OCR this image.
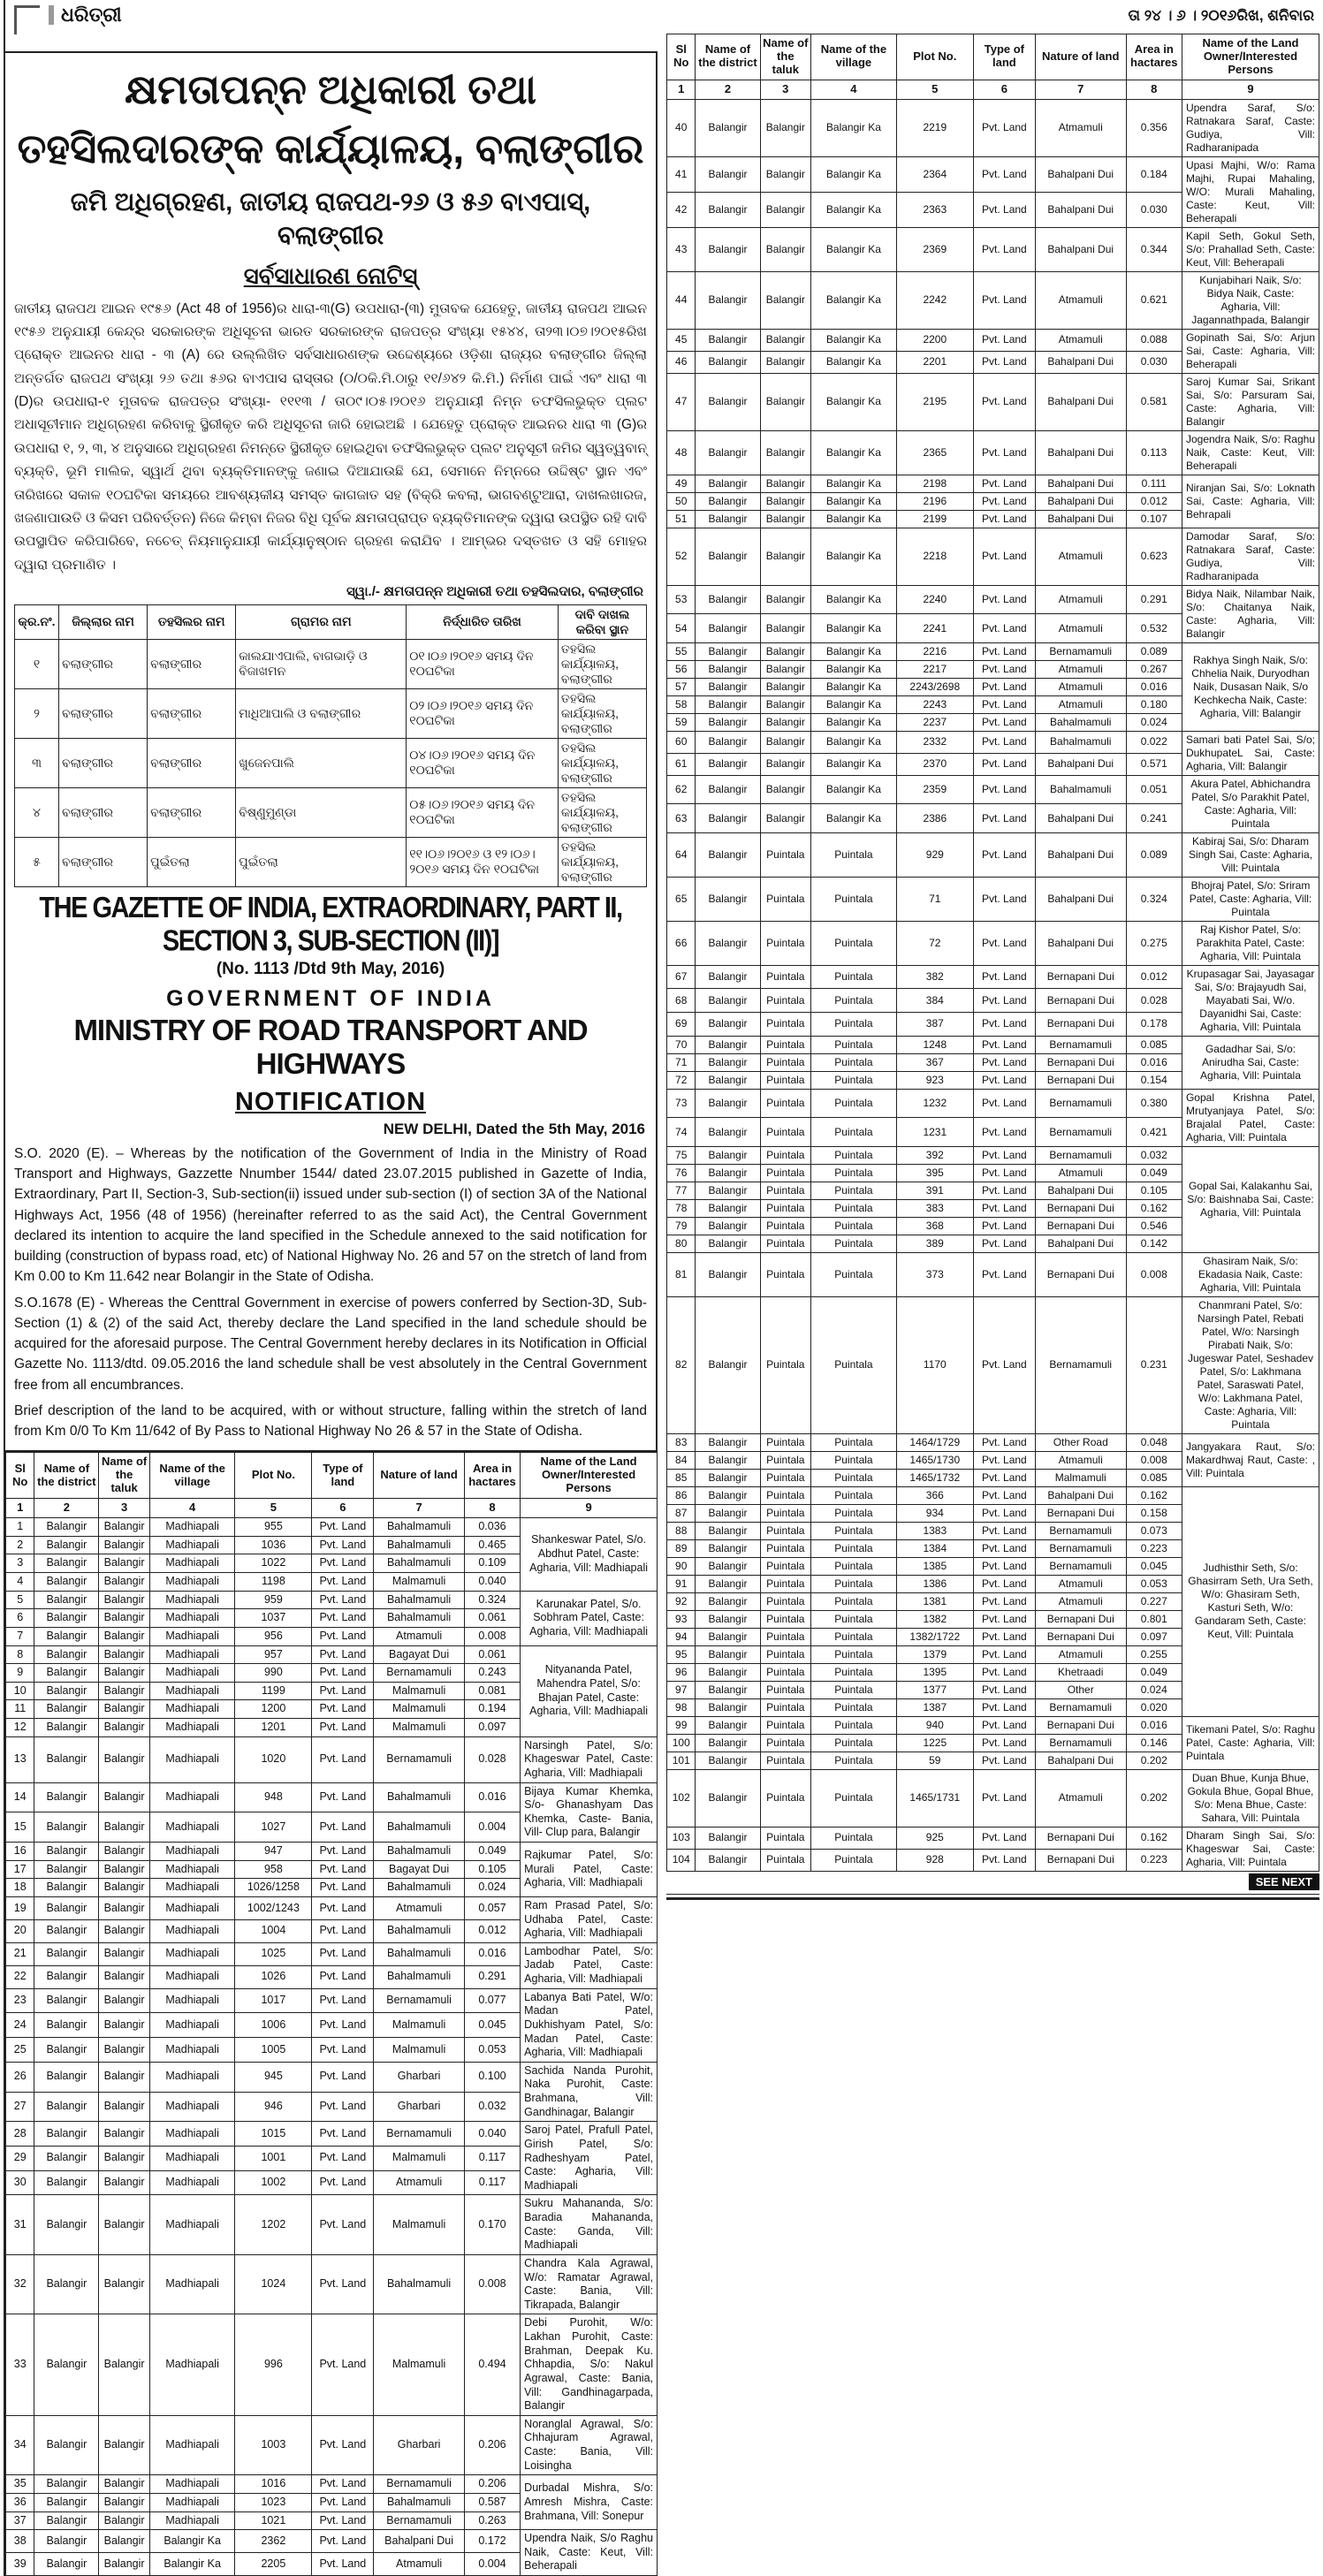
ଧରିତ୍ରୀ
କ୍ଷମତାପନ୍ନ ଅଧିକାରୀ ତଥା
ତହସିଲଦାରଙ୍କ କାର୍ଯ୍ୟାଳୟ, ବଲାଙ୍ଗୀର
ଜମି ଅଧିଗ୍ରହଣ, ଜାତୀୟ ରାଜପଥ-୨୬ ଓ ୫୬ ବାଏପାସ୍, ବଲାଙ୍ଗୀର
ସର୍ବସାଧାରଣ ନୋଟିସ୍
ଜାତୀୟ ରାଜପଥ ଆଇନ ୧୯୫୬ (Act 48 of 1956)ର ଧାରା-୩(G) ଉପଧାରା-(୩) ମୁତାବକ ଯେହେତୁ, ଜାତୀୟ ରାଜପଥ ଆଇନ ୧୯୫୬ ଅନୁଯାୟୀ କେନ୍ଦ୍ର ସରକାରଙ୍କ ଅଧିସୂଚନା ଭାରତ ସରକାରଙ୍କ ରାଜପତ୍ର ସଂଖ୍ୟା ୧୫୪୪, ତା୨୩।୦୭।୨୦୧୫ରିଖ ପ୍ରୋକ୍ତ ଆଇନର ଧାରା - ୩ (A) ରେ ଉଲ୍ଲିଖିତ ସର୍ବସାଧାରଣଙ୍କ ଉଦ୍ଦେଶ୍ୟରେ ଓଡ଼ିଶା ରାଜ୍ୟର ବଲାଙ୍ଗୀର ଜିଲ୍ଲା ଅନ୍ତର୍ଗତ ରାଜପଥ ସଂଖ୍ୟା ୨୬ ତଥା ୫୬ର ବାଏପାସ ରାସ୍ତାର (୦/୦କି.ମି.ଠାରୁ ୧୧/୬୪୨ କି.ମି.) ନିର୍ମାଣ ପାଇଁ ଏବଂ ଧାରା ୩ (D)ର ଉପଧାରା-୧ ମୁତାବକ ରାଜପତ୍ର ସଂଖ୍ୟା- ୧୧୧୩ / ତା୦୯।୦୫।୨୦୧୬ ଅନୁଯାୟୀ ନିମ୍ନ ତଫସିଲଭୁକ୍ତ ପ୍ଲଟ ଅଧାସୂଚୀମାନ ଅଧିଗ୍ରହଣ କରିବାକୁ ସ୍ଥିରୀକୃତ କରି ଅଧିସୂଚନା ଜାରି ହୋଇଅଛି । ଯେହେତୁ ପ୍ରୋକ୍ତ ଆଇନର ଧାରା ୩ (G)ର ଉପଧାରା ୧, ୨, ୩, ୪ ଅନୁସାରେ ଅଧିଗ୍ରହଣ ନିମନ୍ତେ ସ୍ଥିରୀକୃତ ହୋଇଥିବା ତଫସିଲଭୁକ୍ତ ପ୍ଲଟ ଅନୁସୂଚୀ ଜମିର ସ୍ୱତ୍ୱବାନ୍ ବ୍ୟକ୍ତି, ଭୂମି ମାଲିକ, ସ୍ୱାର୍ଥ ଥିବା ବ୍ୟକ୍ତିମାନଙ୍କୁ ଜଣାଇ ଦିଆଯାଉଛି ଯେ, ସେମାନେ ନିମ୍ନରେ ଉଦ୍ଦିଷ୍ଟ ସ୍ଥାନ ଏବଂ ତାରିଖରେ ସକାଳ ୧୦ଘଟିକା ସମୟରେ ଆବଶ୍ୟକୀୟ ସମସ୍ତ କାଗଜାତ ସହ (ବିକ୍ରି କବଲା, ଭାଗବଣ୍ଟୁଆରା, ଦାଖଲଖାରଜ, ଖଜଣାପାଉତି ଓ କିସମ ପରିବର୍ତ୍ତନ) ନିଜେ କିମ୍ବା ନିଜର ବିଧି ପୂର୍ବକ କ୍ଷମତାପ୍ରାପ୍ତ ବ୍ୟକ୍ତିମାନଙ୍କ ଦ୍ୱାରା ଉପସ୍ଥିତ ରହି ଦାବି ଉପସ୍ଥାପିତ କରିପାରିବେ, ନଚେତ୍ ନିୟମାନୁଯାୟୀ କାର୍ଯ୍ୟାନୁଷ୍ଠାନ ଗ୍ରହଣ କରାଯିବ । ଆମ୍ଭର ଦସ୍ତଖତ ଓ ସହି ମୋହର ଦ୍ୱାରା ପ୍ରମାଣିତ ।
ସ୍ୱା./- କ୍ଷମତାପନ୍ନ ଅଧିକାରୀ ତଥା ତହସିଲଦାର, ବଲାଙ୍ଗୀର
କ୍ର.ନଂ.	ଜିଲ୍ଲାର ନାମ	ତହସିଲର ନାମ	ଗ୍ରାମର ନାମ	ନିର୍ଦ୍ଧାରିତ ତାରିଖ	ଦାବି ଦାଖଲ କରିବା ସ୍ଥାନ
୧	ବଲାଙ୍ଗୀର	ବଲାଙ୍ଗୀର	କାଲଯାଏପାଲି, ବାଗଭାଡ଼ି ଓ ବିଜାଖମନ	୦୧।୦୬।୨୦୧୬ ସମୟ ଦିନ ୧୦ଘଟିକା	ତହସିଲ କାର୍ଯ୍ୟାଳୟ, ବଲାଙ୍ଗୀର
୨	ବଲାଙ୍ଗୀର	ବଲାଙ୍ଗୀର	ମାଧିଆପାଲି ଓ ବଲାଙ୍ଗୀର	୦୨।୦୬।୨୦୧୬ ସମୟ ଦିନ ୧୦ଘଟିକା	ତହସିଲ କାର୍ଯ୍ୟାଳୟ, ବଲାଙ୍ଗୀର
୩	ବଲାଙ୍ଗୀର	ବଲାଙ୍ଗୀର	ଖୁଜେନପାଲି	୦୪।୦୬।୨୦୧୬ ସମୟ ଦିନ ୧୦ଘଟିକା	ତହସିଲ କାର୍ଯ୍ୟାଳୟ, ବଲାଙ୍ଗୀର
୪	ବଲାଙ୍ଗୀର	ବଲାଙ୍ଗୀର	ବିଷ୍ଣୁମୁଣ୍ଡା	୦୫।୦୬।୨୦୧୬ ସମୟ ଦିନ ୧୦ଘଟିକା	ତହସିଲ କାର୍ଯ୍ୟାଳୟ, ବଲାଙ୍ଗୀର
୫	ବଲାଙ୍ଗୀର	ପୁଇଁତଲା	ପୁଇଁତଲା	୧୧।୦୬।୨୦୧୬ ଓ ୧୨।୦୬।୨୦୧୬ ସମୟ ଦିନ ୧୦ଘଟିକା	ତହସିଲ କାର୍ଯ୍ୟାଳୟ, ବଲାଙ୍ଗୀର
THE GAZETTE OF INDIA, EXTRAORDINARY, PART II, SECTION 3, SUB-SECTION (II)]
(No. 1113 /Dtd 9th May, 2016)
GOVERNMENT OF INDIA
MINISTRY OF ROAD TRANSPORT AND HIGHWAYS
NOTIFICATION
NEW DELHI, Dated the 5th May, 2016
S.O. 2020 (E). – Whereas by the notification of the Government of India in the Ministry of Road Transport and Highways, Gazzette Nnumber 1544/ dated 23.07.2015 published in Gazette of India, Extraordinary, Part II, Section-3, Sub-section(ii) issued under sub-section (I) of section 3A of the National Highways Act, 1956 (48 of 1956) (hereinafter referred to as the said Act), the Central Government declared its intention to acquire the land specified in the Schedule annexed to the said notification for building (construction of bypass road, etc) of National Highway No. 26 and 57 on the stretch of land from Km 0.00 to Km 11.642 near Bolangir in the State of Odisha.
S.O.1678 (E) - Whereas the Centtral Government in exercise of powers conferred by Section-3D, Sub-Section (1) & (2) of the said Act, thereby declare the Land specified in the land schedule should be acquired for the aforesaid purpose. The Central Government hereby declares in its Notification in Official Gazette No. 1113/dtd. 09.05.2016 the land schedule shall be vest absolutely in the Central Government free from all encumbrances.
Brief description of the land to be acquired, with or without structure, falling within the stretch of land from Km 0/0 To Km 11/642 of By Pass to National Highway No 26 & 57 in the State of Odisha.
Sl No	Name of the district	Name of the taluk	Name of the village	Plot No.	Type of land	Nature of land	Area in hactares	Name of the Land Owner/Interested Persons
1	2	3	4	5	6	7	8	9
1	Balangir	Balangir	Madhiapali	955	Pvt. Land	Bahalmamuli	0.036	Shankeswar Patel, S/o. Abdhut Patel, Caste: Agharia, Vill: Madhiapali
2	Balangir	Balangir	Madhiapali	1036	Pvt. Land	Bahalmamuli	0.465	
3	Balangir	Balangir	Madhiapali	1022	Pvt. Land	Bahalmamuli	0.109	
4	Balangir	Balangir	Madhiapali	1198	Pvt. Land	Malmamuli	0.040	
5	Balangir	Balangir	Madhiapali	959	Pvt. Land	Bahalmamuli	0.324	Karunakar Patel, S/o. Sobhram Patel, Caste: Agharia, Vill: Madhiapali
6	Balangir	Balangir	Madhiapali	1037	Pvt. Land	Bahalmamuli	0.061	
7	Balangir	Balangir	Madhiapali	956	Pvt. Land	Atmamuli	0.008	
8	Balangir	Balangir	Madhiapali	957	Pvt. Land	Bagayat Dui	0.061	Nityananda Patel, Mahendra Patel, S/o: Bhajan Patel, Caste: Agharia, Vill: Madhiapali
9	Balangir	Balangir	Madhiapali	990	Pvt. Land	Bernamamuli	0.243	
10	Balangir	Balangir	Madhiapali	1199	Pvt. Land	Malmamuli	0.081	
11	Balangir	Balangir	Madhiapali	1200	Pvt. Land	Malmamuli	0.194	
12	Balangir	Balangir	Madhiapali	1201	Pvt. Land	Malmamuli	0.097	
13	Balangir	Balangir	Madhiapali	1020	Pvt. Land	Bernamamuli	0.028	Narsingh Patel, S/o: Khageswar Patel, Caste: Agharia, Vill: Madhiapali
14	Balangir	Balangir	Madhiapali	948	Pvt. Land	Bahalmamuli	0.016	Bijaya Kumar Khemka, S/o- Ghanashyam Das Khemka, Caste- Bania, Vill- Clup para, Balangir
15	Balangir	Balangir	Madhiapali	1027	Pvt. Land	Bahalmamuli	0.004	
16	Balangir	Balangir	Madhiapali	947	Pvt. Land	Bahalmamuli	0.049	Rajkumar Patel, S/o: Murali Patel, Caste: Agharia, Vill: Madhiapali
17	Balangir	Balangir	Madhiapali	958	Pvt. Land	Bagayat Dui	0.105	
18	Balangir	Balangir	Madhiapali	1026/1258	Pvt. Land	Bahalmamuli	0.024	
19	Balangir	Balangir	Madhiapali	1002/1243	Pvt. Land	Atmamuli	0.057	Ram Prasad Patel, S/o: Udhaba Patel, Caste: Agharia, Vill: Madhiapali
20	Balangir	Balangir	Madhiapali	1004	Pvt. Land	Bahalmamuli	0.012	
21	Balangir	Balangir	Madhiapali	1025	Pvt. Land	Bahalmamuli	0.016	Lambodhar Patel, S/o: Jadab Patel, Caste: Agharia, Vill: Madhiapali
22	Balangir	Balangir	Madhiapali	1026	Pvt. Land	Bahalmamuli	0.291	
23	Balangir	Balangir	Madhiapali	1017	Pvt. Land	Bernamamuli	0.077	Labanya Bati Patel, W/o: Madan Patel, Dukhishyam Patel, S/o: Madan Patel, Caste: Agharia, Vill: Madhiapali
24	Balangir	Balangir	Madhiapali	1006	Pvt. Land	Malmamuli	0.045	
25	Balangir	Balangir	Madhiapali	1005	Pvt. Land	Malmamuli	0.053	
26	Balangir	Balangir	Madhiapali	945	Pvt. Land	Gharbari	0.100	Sachida Nanda Purohit, Naka Purohit, Caste: Brahmana, Vill: Gandhinagar, Balangir
27	Balangir	Balangir	Madhiapali	946	Pvt. Land	Gharbari	0.032	
28	Balangir	Balangir	Madhiapali	1015	Pvt. Land	Bernamamuli	0.040	Saroj Patel, Prafull Patel, Girish Patel, S/o: Radheshyam Patel, Caste: Agharia, Vill: Madhiapali
29	Balangir	Balangir	Madhiapali	1001	Pvt. Land	Malmamuli	0.117	
30	Balangir	Balangir	Madhiapali	1002	Pvt. Land	Atmamuli	0.117	
31	Balangir	Balangir	Madhiapali	1202	Pvt. Land	Malmamuli	0.170	Sukru Mahananda, S/o: Baradia Mahananda, Caste: Ganda, Vill: Madhiapali
32	Balangir	Balangir	Madhiapali	1024	Pvt. Land	Bahalmamuli	0.008	Chandra Kala Agrawal, W/o: Ramatar Agrawal, Caste: Bania, Vill: Tikrapada, Balangir
33	Balangir	Balangir	Madhiapali	996	Pvt. Land	Malmamuli	0.494	Debi Purohit, W/o: Lakhan Purohit, Caste: Brahman, Deepak Ku. Chhapdia, S/o: Nakul Agrawal, Caste: Bania, Vill: Gandhinagarpada, Balangir
34	Balangir	Balangir	Madhiapali	1003	Pvt. Land	Gharbari	0.206	Noranglal Agrawal, S/o: Chhajuram Agrawal, Caste: Bania, Vill: Loisingha
35	Balangir	Balangir	Madhiapali	1016	Pvt. Land	Bernamamuli	0.206	Durbadal Mishra, S/o: Amresh Mishra, Caste: Brahmana, Vill: Sonepur
36	Balangir	Balangir	Madhiapali	1023	Pvt. Land	Bahalmamuli	0.587	
37	Balangir	Balangir	Madhiapali	1021	Pvt. Land	Bernamamuli	0.263	
38	Balangir	Balangir	Balangir Ka	2362	Pvt. Land	Bahalpani Dui	0.172	Upendra Naik, S/o Raghu Naik, Caste: Keut, Vill: Beherapali
39	Balangir	Balangir	Balangir Ka	2205	Pvt. Land	Atmamuli	0.004	
ତା ୨୪ । ୬ । ୨୦୧୬ରିଖ, ଶନିବାର
Sl No	Name of the district	Name of the taluk	Name of the village	Plot No.	Type of land	Nature of land	Area in hactares	Name of the Land Owner/Interested Persons
1	2	3	4	5	6	7	8	9
40	Balangir	Balangir	Balangir Ka	2219	Pvt. Land	Atmamuli	0.356	Upendra Saraf, S/o: Ratnakara Saraf, Caste: Gudiya, Vill: Radharanipada
41	Balangir	Balangir	Balangir Ka	2364	Pvt. Land	Bahalpani Dui	0.184	Upasi Majhi, W/o: Rama Majhi, Rupai Mahaling, W/O: Murali Mahaling, Caste: Keut, Vill: Beherapali
42	Balangir	Balangir	Balangir Ka	2363	Pvt. Land	Bahalpani Dui	0.030	
43	Balangir	Balangir	Balangir Ka	2369	Pvt. Land	Bahalpani Dui	0.344	Kapil Seth, Gokul Seth, S/o: Prahallad Seth, Caste: Keut, Vill: Beherapali
44	Balangir	Balangir	Balangir Ka	2242	Pvt. Land	Atmamuli	0.621	Kunjabihari Naik, S/o: Bidya Naik, Caste: Agharia, Vill: Jagannathpada, Balangir
45	Balangir	Balangir	Balangir Ka	2200	Pvt. Land	Atmamuli	0.088	Gopinath Sai, S/o: Arjun Sai, Caste: Agharia, Vill: Beherapali
46	Balangir	Balangir	Balangir Ka	2201	Pvt. Land	Bahalpani Dui	0.030	
47	Balangir	Balangir	Balangir Ka	2195	Pvt. Land	Bahalpani Dui	0.581	Saroj Kumar Sai, Srikant Sai, S/o: Parsuram Sai, Caste: Agharia, Vill: Balangir
48	Balangir	Balangir	Balangir Ka	2365	Pvt. Land	Bahalpani Dui	0.113	Jogendra Naik, S/o: Raghu Naik, Caste: Keut, Vill: Beherapali
49	Balangir	Balangir	Balangir Ka	2198	Pvt. Land	Bahalpani Dui	0.111	Niranjan Sai, S/o: Loknath Sai, Caste: Agharia, Vill: Behrapali
50	Balangir	Balangir	Balangir Ka	2196	Pvt. Land	Bahalpani Dui	0.012	
51	Balangir	Balangir	Balangir Ka	2199	Pvt. Land	Bahalpani Dui	0.107	
52	Balangir	Balangir	Balangir Ka	2218	Pvt. Land	Atmamuli	0.623	Damodar Saraf, S/o: Ratnakara Saraf, Caste: Gudiya, Vill: Radharanipada
53	Balangir	Balangir	Balangir Ka	2240	Pvt. Land	Atmamuli	0.291	Bidya Naik, Nilambar Naik, S/o: Chaitanya Naik, Caste: Agharia, Vill: Balangir
54	Balangir	Balangir	Balangir Ka	2241	Pvt. Land	Atmamuli	0.532	
55	Balangir	Balangir	Balangir Ka	2216	Pvt. Land	Bernamamuli	0.089	Rakhya Singh Naik, S/o: Chhelia Naik, Duryodhan Naik, Dusasan Naik, S/o Kechkecha Naik, Caste: Agharia, Vill: Balangir
56	Balangir	Balangir	Balangir Ka	2217	Pvt. Land	Atmamuli	0.267	
57	Balangir	Balangir	Balangir Ka	2243/2698	Pvt. Land	Atmamuli	0.016	
58	Balangir	Balangir	Balangir Ka	2243	Pvt. Land	Atmamuli	0.180	
59	Balangir	Balangir	Balangir Ka	2237	Pvt. Land	Bahalmamuli	0.024	
60	Balangir	Balangir	Balangir Ka	2332	Pvt. Land	Bahalmamuli	0.022	Samari bati Patel Sai, S/o; DukhupateL Sai, Caste: Agharia, Vill: Balangir
61	Balangir	Balangir	Balangir Ka	2370	Pvt. Land	Bahalpani Dui	0.571	
62	Balangir	Balangir	Balangir Ka	2359	Pvt. Land	Bahalmamuli	0.051	Akura Patel, Abhichandra Patel, S/o Parakhit Patel, Caste: Agharia, Vill: Puintala
63	Balangir	Balangir	Balangir Ka	2386	Pvt. Land	Bahalpani Dui	0.241	
64	Balangir	Puintala	Puintala	929	Pvt. Land	Bahalpani Dui	0.089	Kabiraj Sai, S/o: Dharam Singh Sai, Caste: Agharia, Vill: Puintala
65	Balangir	Puintala	Puintala	71	Pvt. Land	Bahalpani Dui	0.324	Bhojraj Patel, S/o: Sriram Patel, Caste: Agharia, Vill: Puintala
66	Balangir	Puintala	Puintala	72	Pvt. Land	Bahalpani Dui	0.275	Raj Kishor Patel, S/o: Parakhita Patel, Caste: Agharia, Vill: Puintala
67	Balangir	Puintala	Puintala	382	Pvt. Land	Bernapani Dui	0.012	Krupasagar Sai, Jayasagar Sai, S/o: Brajayudh Sai, Mayabati Sai, W/o. Dayanidhi Sai, Caste: Agharia, Vill: Puintala
68	Balangir	Puintala	Puintala	384	Pvt. Land	Bernapani Dui	0.028	
69	Balangir	Puintala	Puintala	387	Pvt. Land	Bernapani Dui	0.178	
70	Balangir	Puintala	Puintala	1248	Pvt. Land	Bernamamuli	0.085	Gadadhar Sai, S/o: Anirudha Sai, Caste: Agharia, Vill: Puintala
71	Balangir	Puintala	Puintala	367	Pvt. Land	Bernapani Dui	0.016	
72	Balangir	Puintala	Puintala	923	Pvt. Land	Bernapani Dui	0.154	
73	Balangir	Puintala	Puintala	1232	Pvt. Land	Bernamamuli	0.380	Gopal Krishna Patel, Mrutyanjaya Patel, S/o: Brajalal Patel, Caste: Agharia, Vill: Puintala
74	Balangir	Puintala	Puintala	1231	Pvt. Land	Bernamamuli	0.421	
75	Balangir	Puintala	Puintala	392	Pvt. Land	Bernamamuli	0.032	Gopal Sai, Kalakanhu Sai, S/o: Baishnaba Sai, Caste: Agharia, Vill: Puintala
76	Balangir	Puintala	Puintala	395	Pvt. Land	Atmamuli	0.049	
77	Balangir	Puintala	Puintala	391	Pvt. Land	Bahalpani Dui	0.105	
78	Balangir	Puintala	Puintala	383	Pvt. Land	Bernapani Dui	0.162	
79	Balangir	Puintala	Puintala	368	Pvt. Land	Bernapani Dui	0.546	
80	Balangir	Puintala	Puintala	389	Pvt. Land	Bahalpani Dui	0.142	
81	Balangir	Puintala	Puintala	373	Pvt. Land	Bernapani Dui	0.008	Ghasiram Naik, S/o: Ekadasia Naik, Caste: Agharia, Vill: Puintala
82	Balangir	Puintala	Puintala	1170	Pvt. Land	Bernamamuli	0.231	Chanmrani Patel, S/o: Narsingh Patel, Rebati Patel, W/o: Narsingh Pirabati Naik, S/o: Jugeswar Patel, Seshadev Patel, S/o: Lakhmana Patel, Saraswati Patel, W/o: Lakhmana Patel, Caste: Agharia, Vill: Puintala
83	Balangir	Puintala	Puintala	1464/1729	Pvt. Land	Other Road	0.048	Jangyakara Raut, S/o: Makardhwaj Raut, Caste: , Vill: Puintala
84	Balangir	Puintala	Puintala	1465/1730	Pvt. Land	Atmamuli	0.008	
85	Balangir	Puintala	Puintala	1465/1732	Pvt. Land	Malmamuli	0.085	
86	Balangir	Puintala	Puintala	366	Pvt. Land	Bahalpani Dui	0.162	Judhisthir Seth, S/o: Ghasirram Seth, Ura Seth, W/o: Ghasiram Seth, Kasturi Seth, W/o: Gandaram Seth, Caste: Keut, Vill: Puintala
87	Balangir	Puintala	Puintala	934	Pvt. Land	Bernapani Dui	0.158	
88	Balangir	Puintala	Puintala	1383	Pvt. Land	Bernamamuli	0.073	
89	Balangir	Puintala	Puintala	1384	Pvt. Land	Bernamamuli	0.223	
90	Balangir	Puintala	Puintala	1385	Pvt. Land	Bernamamuli	0.045	
91	Balangir	Puintala	Puintala	1386	Pvt. Land	Atmamuli	0.053	
92	Balangir	Puintala	Puintala	1381	Pvt. Land	Atmamuli	0.227	
93	Balangir	Puintala	Puintala	1382	Pvt. Land	Bernapani Dui	0.801	
94	Balangir	Puintala	Puintala	1382/1722	Pvt. Land	Bernapani Dui	0.097	
95	Balangir	Puintala	Puintala	1379	Pvt. Land	Atmamuli	0.255	
96	Balangir	Puintala	Puintala	1395	Pvt. Land	Khetraadi	0.049	
97	Balangir	Puintala	Puintala	1377	Pvt. Land	Other	0.024	
98	Balangir	Puintala	Puintala	1387	Pvt. Land	Bernamamuli	0.020	
99	Balangir	Puintala	Puintala	940	Pvt. Land	Bernapani Dui	0.016	Tikemani Patel, S/o: Raghu Patel, Caste: Agharia, Vill: Puintala
100	Balangir	Puintala	Puintala	1225	Pvt. Land	Bernamamuli	0.146	
101	Balangir	Puintala	Puintala	59	Pvt. Land	Bahalpani Dui	0.202	
102	Balangir	Puintala	Puintala	1465/1731	Pvt. Land	Atmamuli	0.202	Duan Bhue, Kunja Bhue, Gokula Bhue, Gopal Bhue, S/o: Mena Bhue, Caste: Sahara, Vill: Puintala
103	Balangir	Puintala	Puintala	925	Pvt. Land	Bernapani Dui	0.162	Dharam Singh Sai, S/o: Khageswar Sai, Caste: Agharia, Vill: Puintala
104	Balangir	Puintala	Puintala	928	Pvt. Land	Bernapani Dui	0.223	
SEE NEXT
